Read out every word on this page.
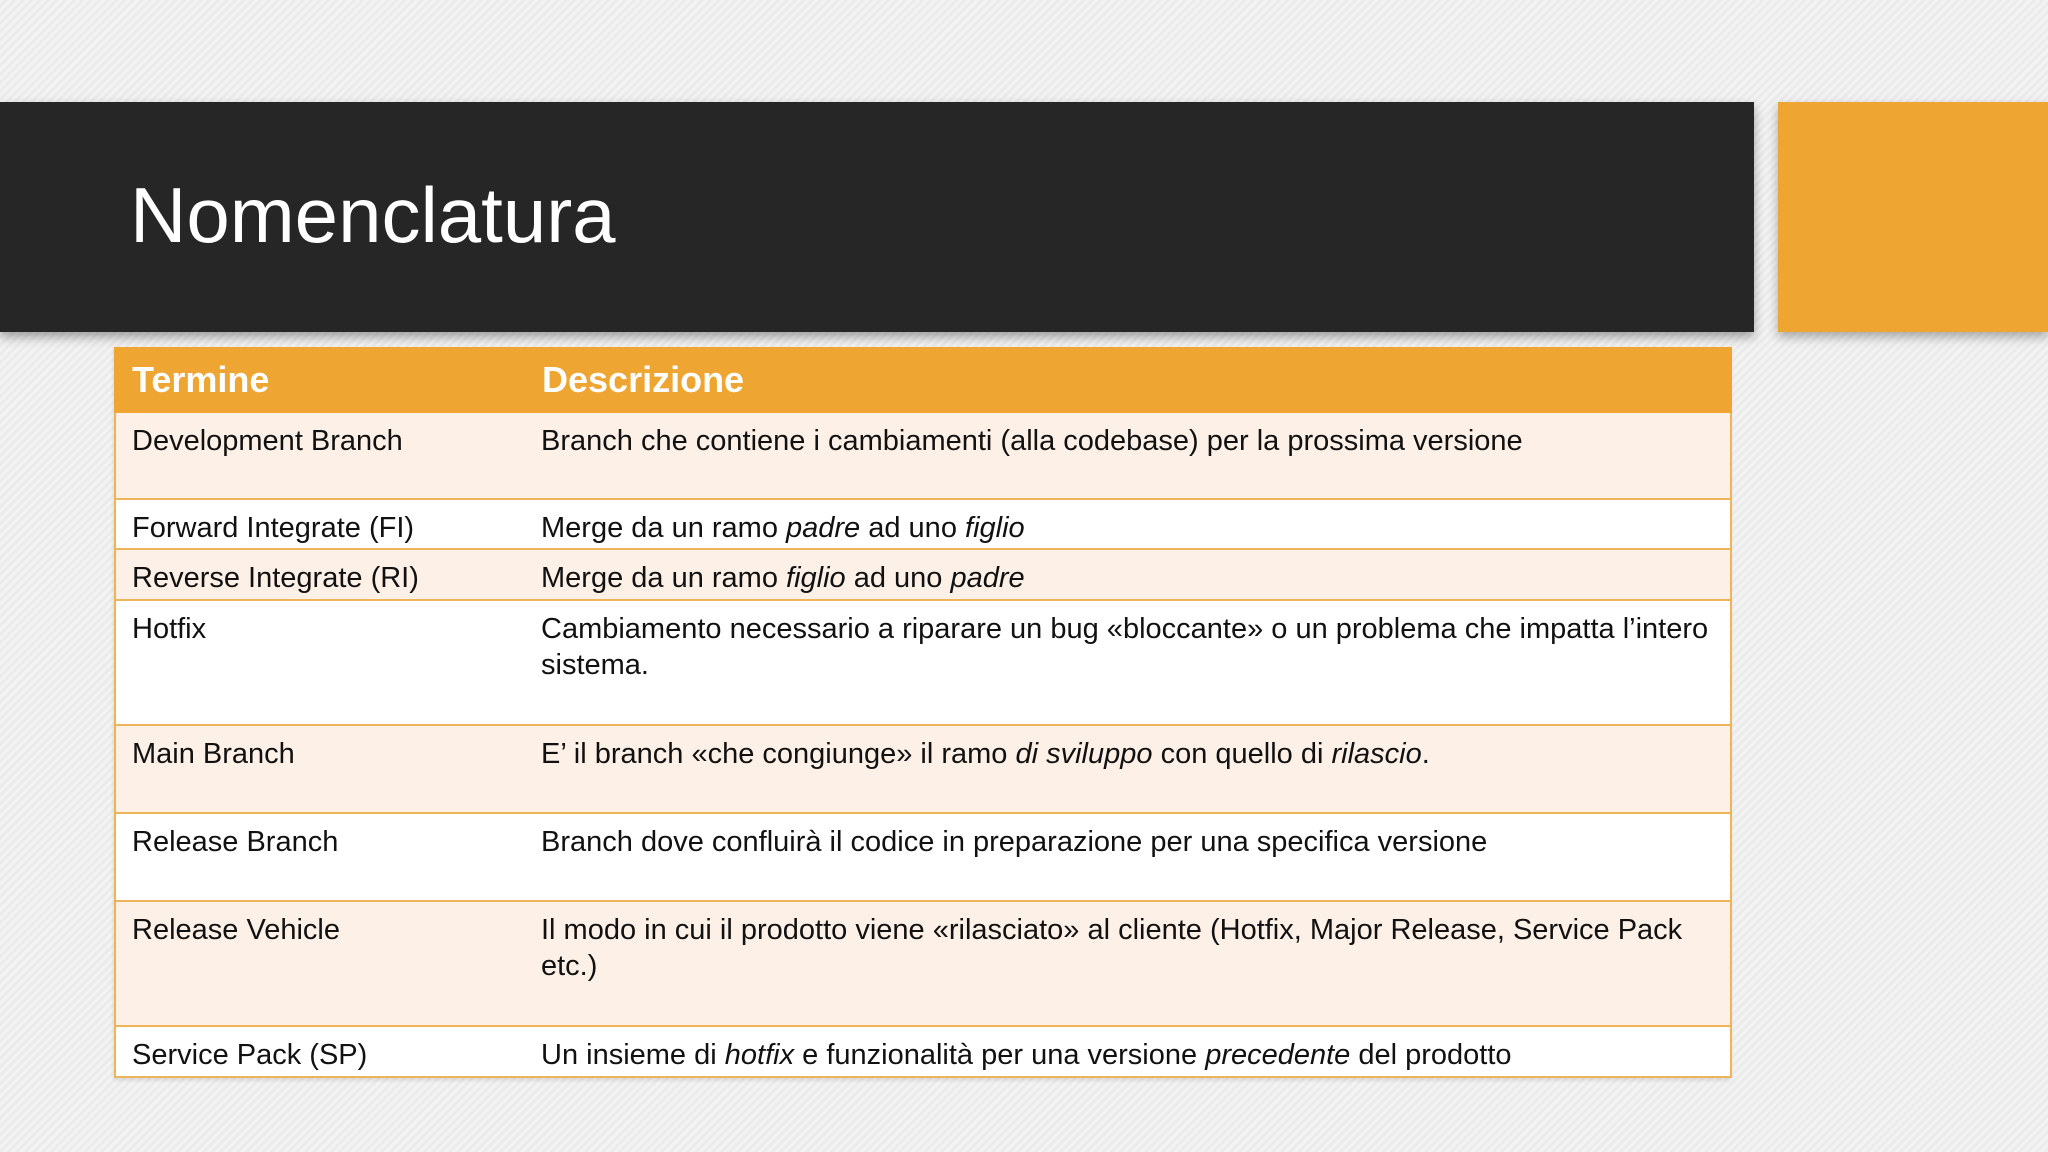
Nomenclatura
Termine	Descrizione
Development Branch	Branch che contiene i cambiamenti (alla codebase) per la prossima versione
Forward Integrate (FI)	Merge da un ramo padre ad uno figlio
Reverse Integrate (RI)	Merge da un ramo figlio ad uno padre
Hotfix	Cambiamento necessario a riparare un bug «bloccante» o un problema che impatta l’intero sistema.
Main Branch	E’ il branch «che congiunge» il ramo di sviluppo con quello di rilascio.
Release Branch	Branch dove confluirà il codice in preparazione per una specifica versione
Release Vehicle	Il modo in cui il prodotto viene «rilasciato» al cliente (Hotfix, Major Release, Service Pack etc.)
Service Pack (SP)	Un insieme di hotfix e funzionalità per una versione precedente del prodotto
